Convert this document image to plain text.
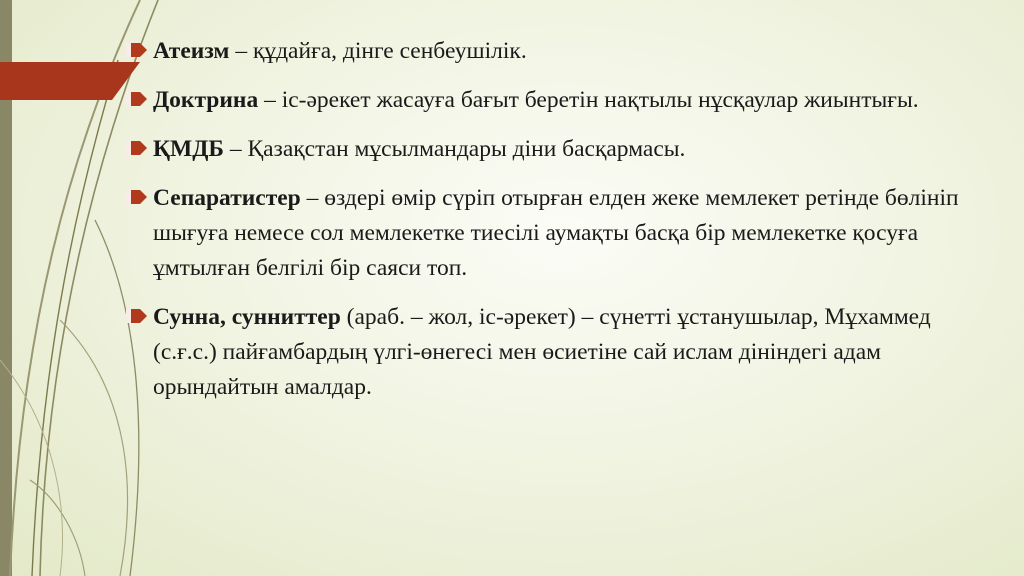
Атеизм – құдайға, дінге сенбеушілік.
Доктрина – іс-әрекет жасауға бағыт беретін нақтылы нұсқаулар жиынтығы.
ҚМДБ – Қазақстан мұсылмандары діни басқармасы.
Сепаратистер – өздері өмір сүріп отырған елден жеке мемлекет ретінде бөлініп шығуға немесе сол мемлекетке тиесілі аумақты басқа бір мемлекетке қосуға ұмтылған белгілі бір саяси топ.
Сунна, сунниттер (араб. – жол, іс-әрекет) – сүнетті ұстанушылар, Мұхаммед (с.ғ.с.) пайғамбардың үлгі-өнегесі мен өсиетіне сай ислам дініндегі адам орындайтын амалдар.
